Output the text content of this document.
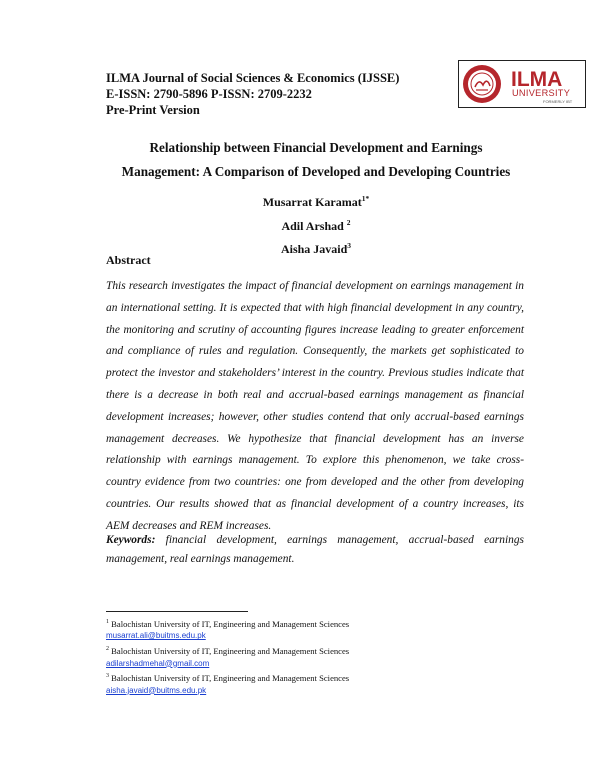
ILMA Journal of Social Sciences & Economics (IJSSE)
E-ISSN: 2790-5896 P-ISSN: 2709-2232
Pre-Print Version
ILMA
UNIVERSITY
FORMERLY IBT
Relationship between Financial Development and Earnings
Management: A Comparison of Developed and Developing Countries
Musarrat Karamat$^{1*}$
Adil Arshad $^2$
Aisha Javaid$^3$
Abstract
This research investigates the impact of financial development on earnings management in an international setting. It is expected that with high financial development in any country, the monitoring and scrutiny of accounting figures increase leading to greater enforcement and compliance of rules and regulation. Consequently, the markets get sophisticated to protect the investor and stakeholders’ interest in the country. Previous studies indicate that there is a decrease in both real and accrual-based earnings management as financial development increases; however, other studies contend that only accrual-based earnings management decreases. We hypothesize that financial development has an inverse relationship with earnings management. To explore this phenomenon, we take cross-country evidence from two countries: one from developed and the other from developing countries. Our results showed that as financial development of a country increases, its AEM decreases and REM increases.
Keywords: financial development, earnings management, accrual-based earnings management, real earnings management.
$^1$ Balochistan University of IT, Engineering and Management Sciences
musarrat.ali@buitms.edu.pk
$^2$ Balochistan University of IT, Engineering and Management Sciences
adilarshadmehal@gmail.com
$^3$ Balochistan University of IT, Engineering and Management Sciences
aisha.javaid@buitms.edu.pk
